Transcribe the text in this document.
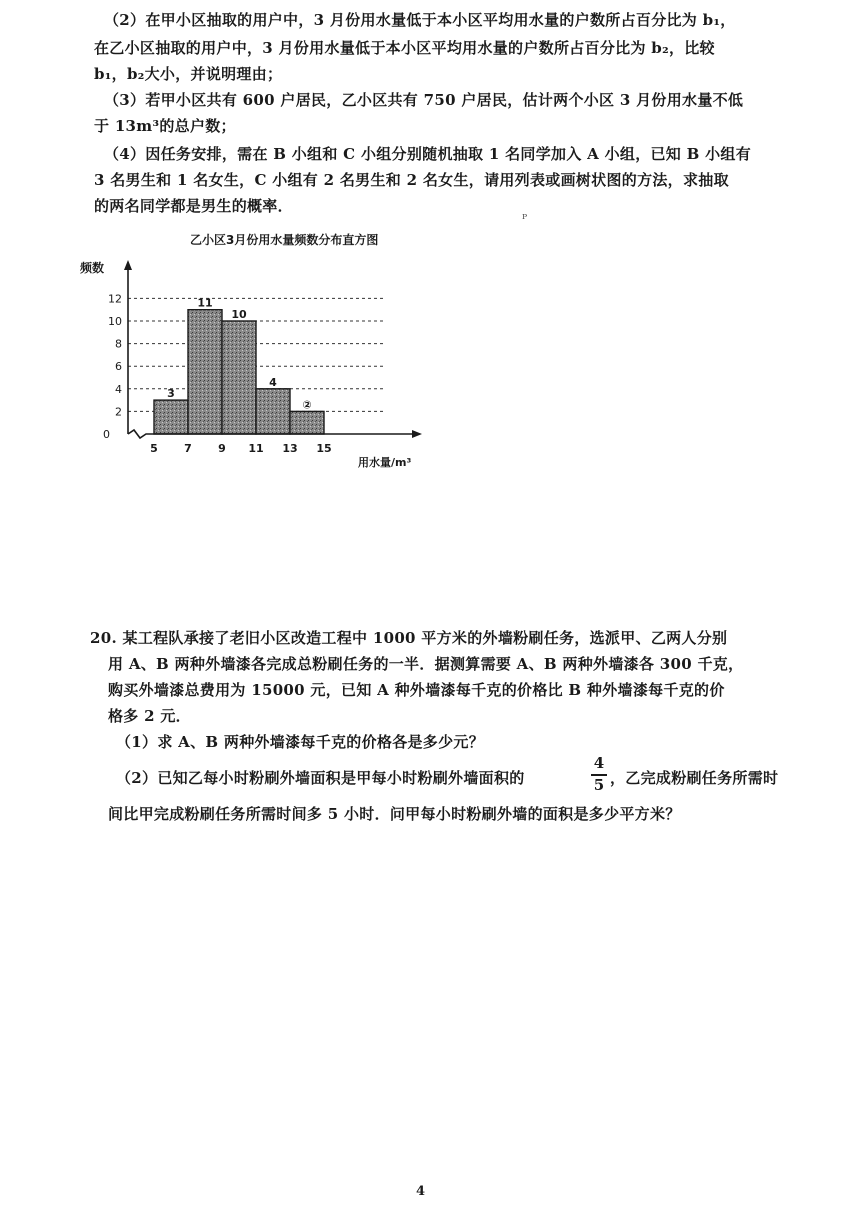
（2）在甲小区抽取的用户中，3 月份用水量低于本小区平均用水量的户数所占百分比为 b₁，
在乙小区抽取的用户中，3 月份用水量低于本小区平均用水量的户数所占百分比为 b₂，比较
b₁，b₂大小，并说明理由；
（3）若甲小区共有 600 户居民，乙小区共有 750 户居民，估计两个小区 3 月份用水量不低
于 13m³的总户数；
（4）因任务安排，需在 B 小组和 C 小组分别随机抽取 1 名同学加入 A 小组，已知 B 小组有
3 名男生和 1 名女生，C 小组有 2 名男生和 2 名女生，请用列表或画树状图的方法，求抽取
的两名同学都是男生的概率．
乙小区3月份用水量频数分布直方图
频数
用水量/m³
3
11
10
4
②
0
2
4
6
8
10
12
5 7 9 11 13 15
20. 某工程队承接了老旧小区改造工程中 1000 平方米的外墙粉刷任务，选派甲、乙两人分别
用 A、B 两种外墙漆各完成总粉刷任务的一半．据测算需要 A、B 两种外墙漆各 300 千克，
购买外墙漆总费用为 15000 元，已知 A 种外墙漆每千克的价格比 B 种外墙漆每千克的价
格多 2 元．
（1）求 A、B 两种外墙漆每千克的价格各是多少元？
（2）已知乙每小时粉刷外墙面积是甲每小时粉刷外墙面积的
4
5 ，乙完成粉刷任务所需时
间比甲完成粉刷任务所需时间多 5 小时．问甲每小时粉刷外墙的面积是多少平方米？
ᴾ
4
